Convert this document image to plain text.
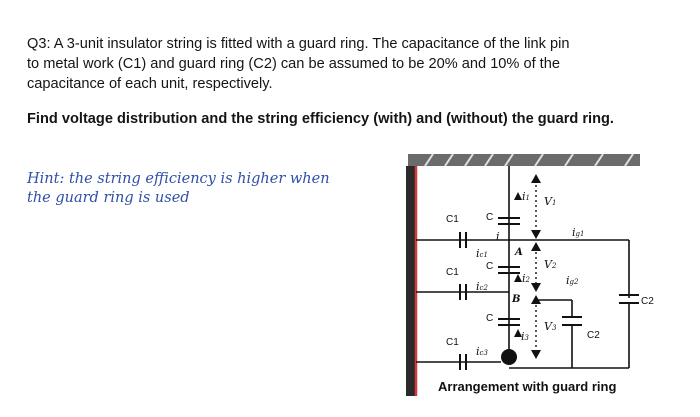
Q3: A 3-unit insulator string is fitted with a guard ring. The capacitance of the link pin

to metal work (C1) and guard ring (C2) can be assumed to be 20% and 10% of the

capacitance of each unit, respectively.

Find voltage distribution and the string efficiency (with) and (without) the guard ring.
Hint: the string efficiency is higher when
the guard ring is used
C1
C1
C1
C2
C2
C
C
C
A
B
V1
V2
V3
i1
i2
i3
ig1
ig2
i
ic1
ic2
ic3
Arrangement with guard ring
